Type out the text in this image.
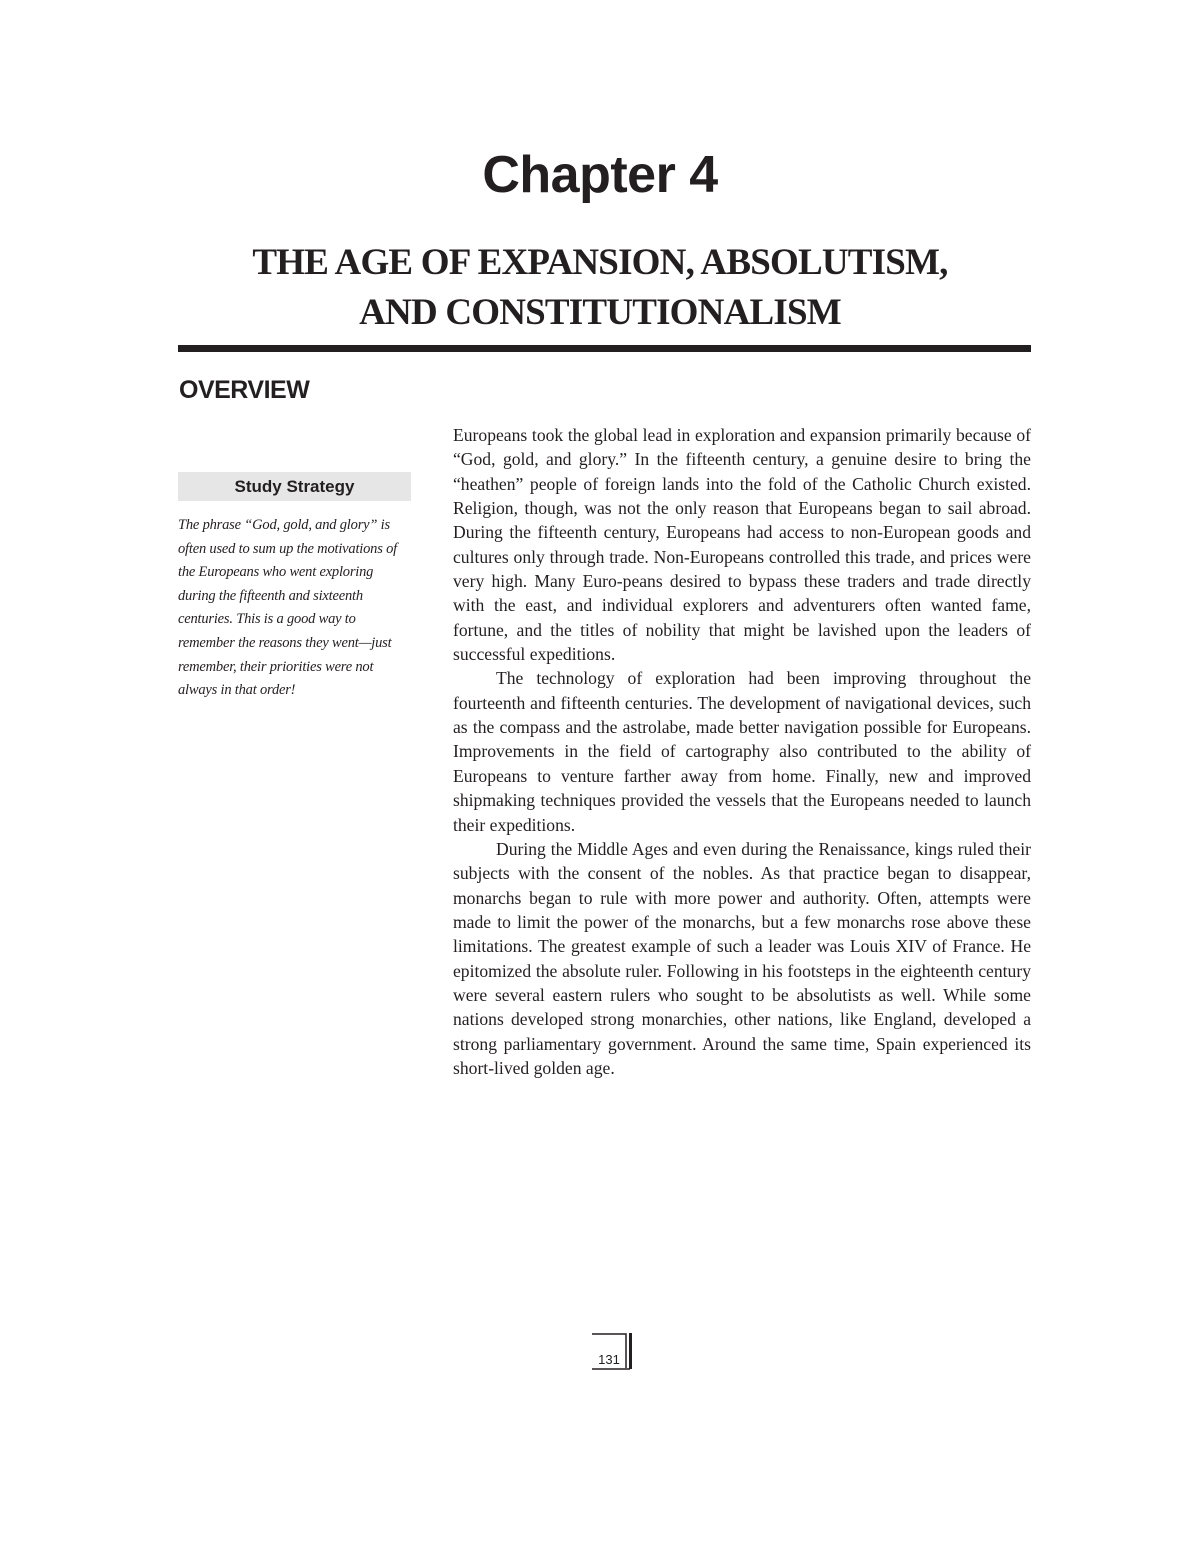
Chapter 4
THE AGE OF EXPANSION, ABSOLUTISM,
AND CONSTITUTIONALISM
OVERVIEW
Study Strategy
The phrase “God, gold, and glory” is often used to sum up the motivations of the Europeans who went exploring during the fifteenth and sixteenth centuries. This is a good way to remember the reasons they went—just remember, their priorities were not always in that order!

Europeans took the global lead in exploration and expansion primarily because of “God, gold, and glory.” In the fifteenth century, a genuine desire to bring the “heathen” people of foreign lands into the fold of the Catholic Church existed. Religion, though, was not the only reason that Europeans began to sail abroad. During the fifteenth century, Europeans had access to non-European goods and cultures only through trade. Non-Europeans controlled this trade, and prices were very high. Many Euro-peans desired to bypass these traders and trade directly with the east, and individual explorers and adventurers often wanted fame, fortune, and the titles of nobility that might be lavished upon the leaders of successful expeditions.

The technology of exploration had been improving throughout the fourteenth and fifteenth centuries. The development of navigational devices, such as the compass and the astrolabe, made better navigation possible for Europeans. Improvements in the field of cartography also contributed to the ability of Europeans to venture farther away from home. Finally, new and improved shipmaking techniques provided the vessels that the Europeans needed to launch their expeditions.

During the Middle Ages and even during the Renaissance, kings ruled their subjects with the consent of the nobles. As that practice began to disappear, monarchs began to rule with more power and authority. Often, attempts were made to limit the power of the monarchs, but a few monarchs rose above these limitations. The greatest example of such a leader was Louis XIV of France. He epitomized the absolute ruler. Following in his footsteps in the eighteenth century were several eastern rulers who sought to be absolutists as well. While some nations developed strong monarchies, other nations, like England, developed a strong parliamentary government. Around the same time, Spain experienced its short-lived golden age.

131
